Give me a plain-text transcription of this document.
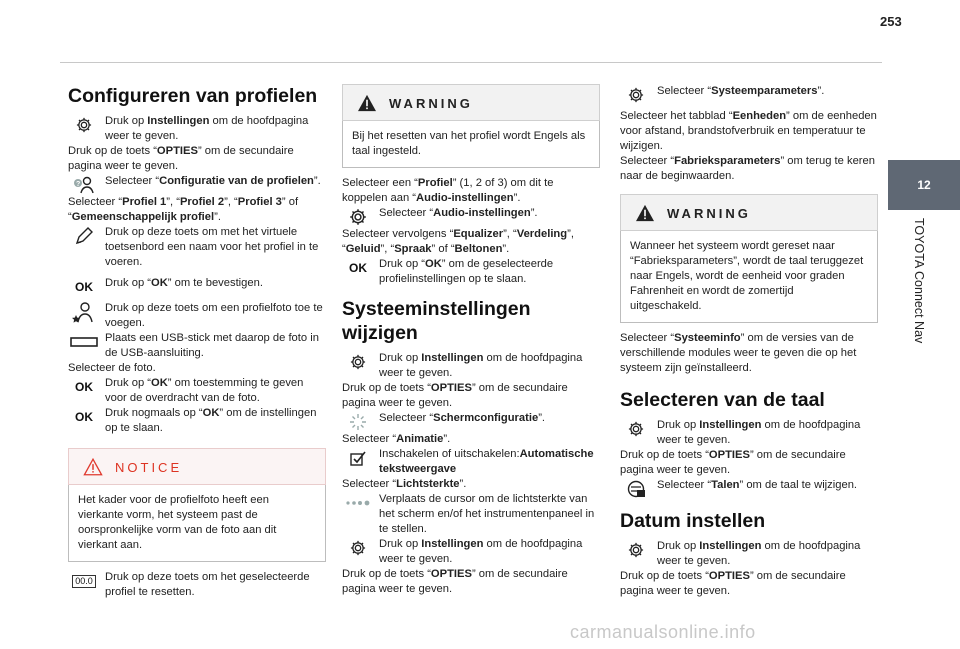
253
12
TOYOTA Connect Nav
Configureren van profielen
Druk op Instellingen om de hoofdpagina weer te geven.

Druk op de toets “OPTIES” om de secundaire pagina weer te geven.

? Selecteer “Configuratie van de profielen”.

Selecteer “Profiel 1”, “Profiel 2”, “Profiel 3” of “Gemeenschappelijk profiel”.

Druk op deze toets om met het virtuele toetsenbord een naam voor het profiel in te voeren.
OK	Druk op “OK” om te bevestigen.
Druk op deze toets om een profielfoto toe te voegen.
Plaats een USB-stick met daarop de foto in de USB-aansluiting.

Selecteer de foto.

OK	Druk op “OK” om toestemming te geven voor de overdracht van de foto.
OK	Druk nogmaals op “OK” om de instellingen op te slaan.
NOTICE
Het kader voor de profielfoto heeft een vierkante vorm, het systeem past de oorspronkelijke vorm van de foto aan dit vierkant aan.
00.0 Druk op deze toets om het geselecteerde profiel te resetten.
WARNING
Bij het resetten van het profiel wordt Engels als taal ingesteld.

Selecteer een “Profiel” (1, 2 of 3) om dit te koppelen aan “Audio-instellingen”.

Selecteer “Audio-instellingen”.

Selecteer vervolgens “Equalizer”, “Verdeling”, “Geluid”, “Spraak” of “Beltonen”.

OK	Druk op “OK” om de geselecteerde profielinstellingen op te slaan.
Systeeminstellingen wijzigen
Druk op Instellingen om de hoofdpagina weer te geven.

Druk op de toets “OPTIES” om de secundaire pagina weer te geven.

Selecteer “Schermconfiguratie”.

Selecteer “Animatie”.

Inschakelen of uitschakelen:Automatische tekstweergave

Selecteer “Lichtsterkte”.

Verplaats de cursor om de lichtsterkte van het scherm en/of het instrumentenpaneel in te stellen.
Druk op Instellingen om de hoofdpagina weer te geven.

Druk op de toets “OPTIES” om de secundaire pagina weer te geven.

Selecteer “Systeemparameters”.

Selecteer het tabblad “Eenheden” om de eenheden voor afstand, brandstofverbruik en temperatuur te wijzigen.

Selecteer “Fabrieksparameters” om terug te keren naar de beginwaarden.

WARNING
Wanneer het systeem wordt gereset naar “Fabrieksparameters”, wordt de taal teruggezet naar Engels, wordt de eenheid voor graden Fahrenheit en wordt de zomertijd uitgeschakeld.

Selecteer “Systeeminfo” om de versies van de verschillende modules weer te geven die op het systeem zijn geïnstalleerd.

Selecteren van de taal
Druk op Instellingen om de hoofdpagina weer te geven.

Druk op de toets “OPTIES” om de secundaire pagina weer te geven.

Selecteer “Talen” om de taal te wijzigen.
Datum instellen
Druk op Instellingen om de hoofdpagina weer te geven.

Druk op de toets “OPTIES” om de secundaire pagina weer te geven.

carmanualsonline.info
